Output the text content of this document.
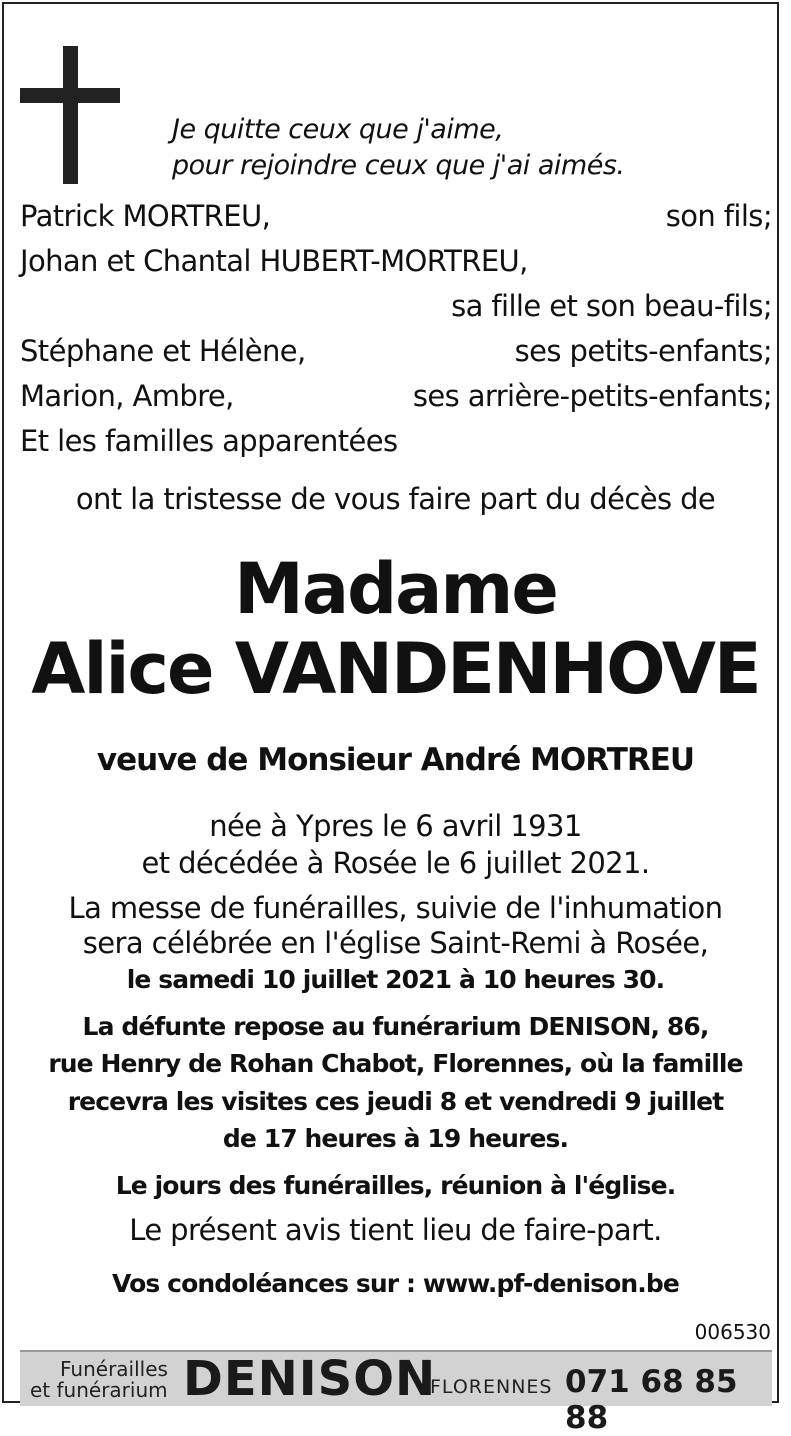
Je quitte ceux que j'aime,
pour rejoindre ceux que j'ai aimés.
Patrick MORTREU,	son fils;
Johan et Chantal HUBERT-MORTREU,
sa fille et son beau-fils;
Stéphane et Hélène,	ses petits-enfants;
Marion, Ambre,	ses arrière-petits-enfants;
Et les familles apparentées
ont la tristesse de vous faire part du décès de
Madame
Alice VANDENHOVE
veuve de Monsieur André MORTREU
née à Ypres le 6 avril 1931
et décédée à Rosée le 6 juillet 2021.
La messe de funérailles, suivie de l'inhumation
sera célébrée en l'église Saint-Remi à Rosée,
le samedi 10 juillet 2021 à 10 heures 30.
La défunte repose au funérarium DENISON, 86,
rue Henry de Rohan Chabot, Florennes, où la famille
recevra les visites ces jeudi 8 et vendredi 9 juillet
de 17 heures à 19 heures.
Le jours des funérailles, réunion à l'église.
Le présent avis tient lieu de faire-part.
Vos condoléances sur : www.pf-denison.be
006530
Funérailles
et funérarium DENISON
FLORENNES 071 68 85 88
